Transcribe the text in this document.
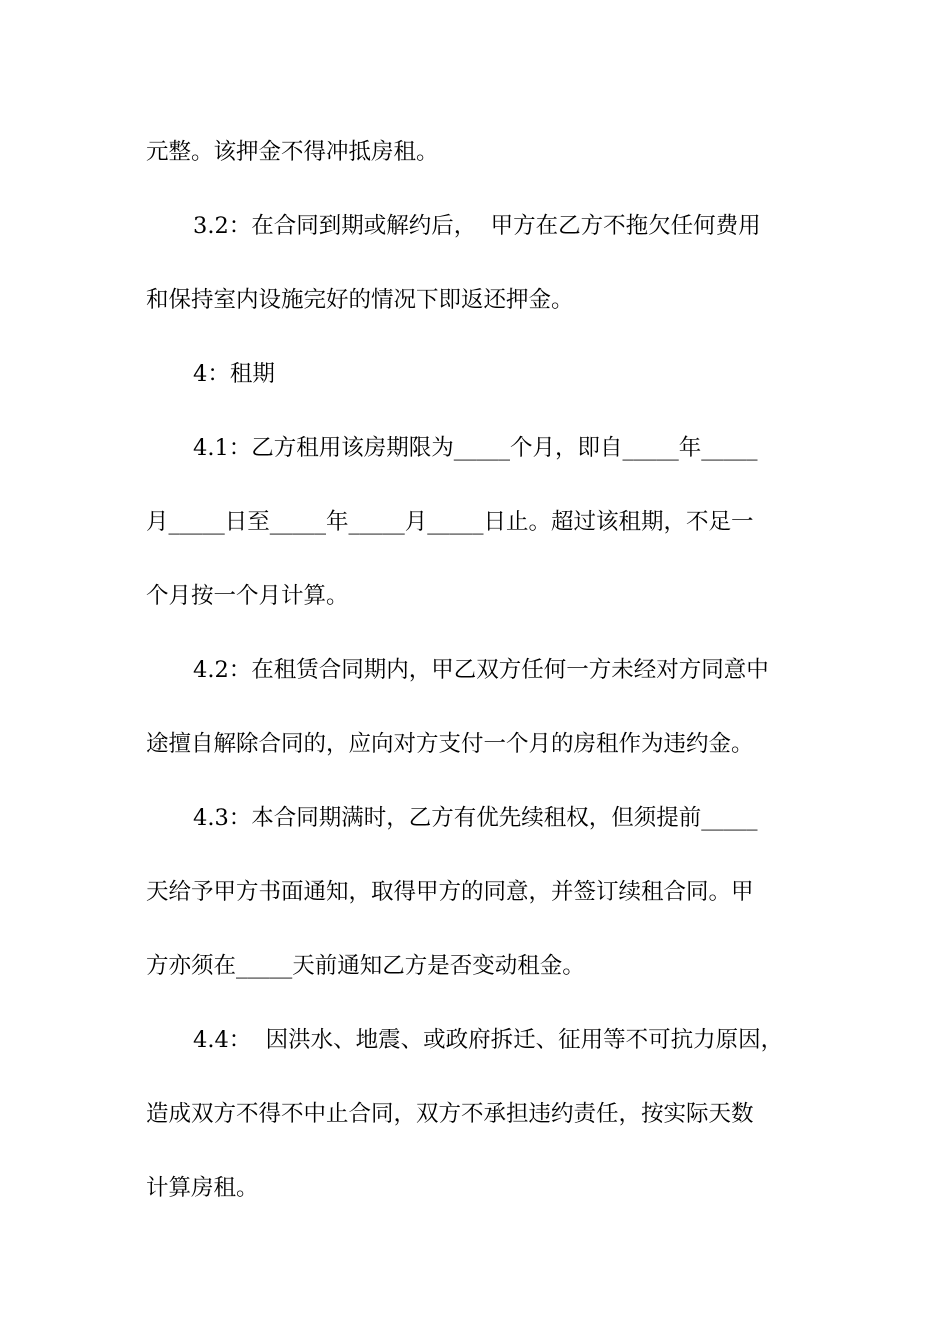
元整。该押金不得冲抵房租。
3.2：在合同到期或解约后，  甲方在乙方不拖欠任何费用
和保持室内设施完好的情况下即返还押金。
4：租期
4.1：乙方租用该房期限为_____个月，即自_____年_____
月_____日至_____年_____月_____日止。超过该租期，不足一
个月按一个月计算。
4.2：在租赁合同期内，甲乙双方任何一方未经对方同意中
途擅自解除合同的，应向对方支付一个月的房租作为违约金。
4.3：本合同期满时，乙方有优先续租权，但须提前_____
天给予甲方书面通知，取得甲方的同意，并签订续租合同。甲
方亦须在_____天前通知乙方是否变动租金。
4.4：  因洪水、地震、或政府拆迁、征用等不可抗力原因，
造成双方不得不中止合同，双方不承担违约责任，按实际天数
计算房租。
